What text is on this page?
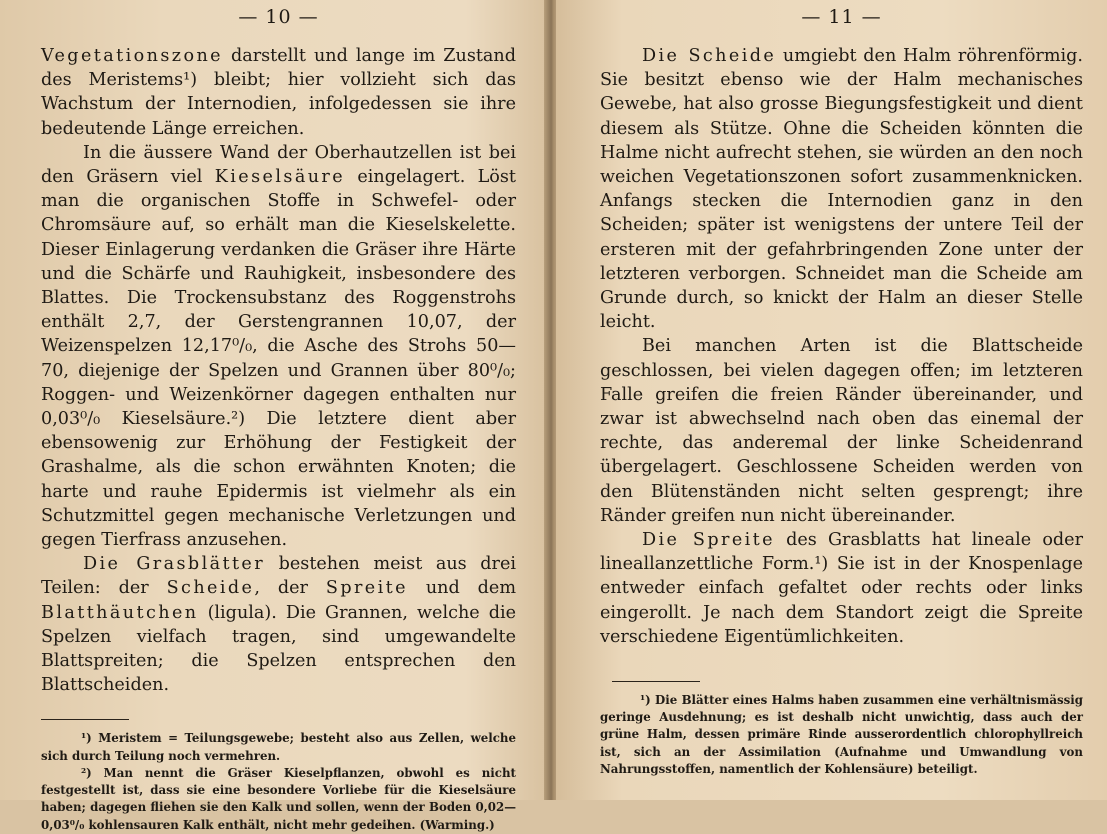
— 10 —

Vegetationszone darstellt und lange im Zustand des Meristems¹) bleibt; hier vollzieht sich das Wachstum der Internodien, infolgedessen sie ihre bedeutende Länge erreichen.

In die äussere Wand der Oberhautzellen ist bei den Gräsern viel Kieselsäure eingelagert. Löst man die organischen Stoffe in Schwefel- oder Chromsäure auf, so erhält man die Kieselskelette. Dieser Einlagerung verdanken die Gräser ihre Härte und die Schärfe und Rauhigkeit, insbesondere des Blattes. Die Trockensubstanz des Roggenstrohs enthält 2,7, der Gerstengrannen 10,07, der Weizenspelzen 12,17⁰/₀, die Asche des Strohs 50—70, diejenige der Spelzen und Grannen über 80⁰/₀; Roggen- und Weizenkörner dagegen enthalten nur 0,03⁰/₀ Kieselsäure.²) Die letztere dient aber ebensowenig zur Erhöhung der Festigkeit der Grashalme, als die schon erwähnten Knoten; die harte und rauhe Epidermis ist vielmehr als ein Schutzmittel gegen mechanische Verletzungen und gegen Tierfrass anzusehen.

Die Grasblätter bestehen meist aus drei Teilen: der Scheide, der Spreite und dem Blatthäutchen (ligula). Die Grannen, welche die Spelzen vielfach tragen, sind umgewandelte Blattspreiten; die Spelzen entsprechen den Blattscheiden.

¹) Meristem = Teilungsgewebe; besteht also aus Zellen, welche sich durch Teilung noch vermehren.

²) Man nennt die Gräser Kieselpflanzen, obwohl es nicht festgestellt ist, dass sie eine besondere Vorliebe für die Kieselsäure haben; dagegen fliehen sie den Kalk und sollen, wenn der Boden 0,02—0,03⁰/₀ kohlensauren Kalk enthält, nicht mehr gedeihen. (Warming.)

— 11 —

Die Scheide umgiebt den Halm röhrenförmig. Sie besitzt ebenso wie der Halm mechanisches Gewebe, hat also grosse Biegungsfestigkeit und dient diesem als Stütze. Ohne die Scheiden könnten die Halme nicht aufrecht stehen, sie würden an den noch weichen Vegetationszonen sofort zusammenknicken. Anfangs stecken die Internodien ganz in den Scheiden; später ist wenigstens der untere Teil der ersteren mit der gefahrbringenden Zone unter der letzteren verborgen. Schneidet man die Scheide am Grunde durch, so knickt der Halm an dieser Stelle leicht.

Bei manchen Arten ist die Blattscheide geschlossen, bei vielen dagegen offen; im letzteren Falle greifen die freien Ränder übereinander, und zwar ist abwechselnd nach oben das einemal der rechte, das anderemal der linke Scheidenrand übergelagert. Geschlossene Scheiden werden von den Blütenständen nicht selten gesprengt; ihre Ränder greifen nun nicht übereinander.

Die Spreite des Grasblatts hat lineale oder lineallanzettliche Form.¹) Sie ist in der Knospenlage entweder einfach gefaltet oder rechts oder links eingerollt. Je nach dem Standort zeigt die Spreite verschiedene Eigentümlichkeiten.

¹) Die Blätter eines Halms haben zusammen eine verhältnismässig geringe Ausdehnung; es ist deshalb nicht unwichtig, dass auch der grüne Halm, dessen primäre Rinde ausserordentlich chlorophyllreich ist, sich an der Assimilation (Aufnahme und Umwandlung von Nahrungsstoffen, namentlich der Kohlensäure) beteiligt.
